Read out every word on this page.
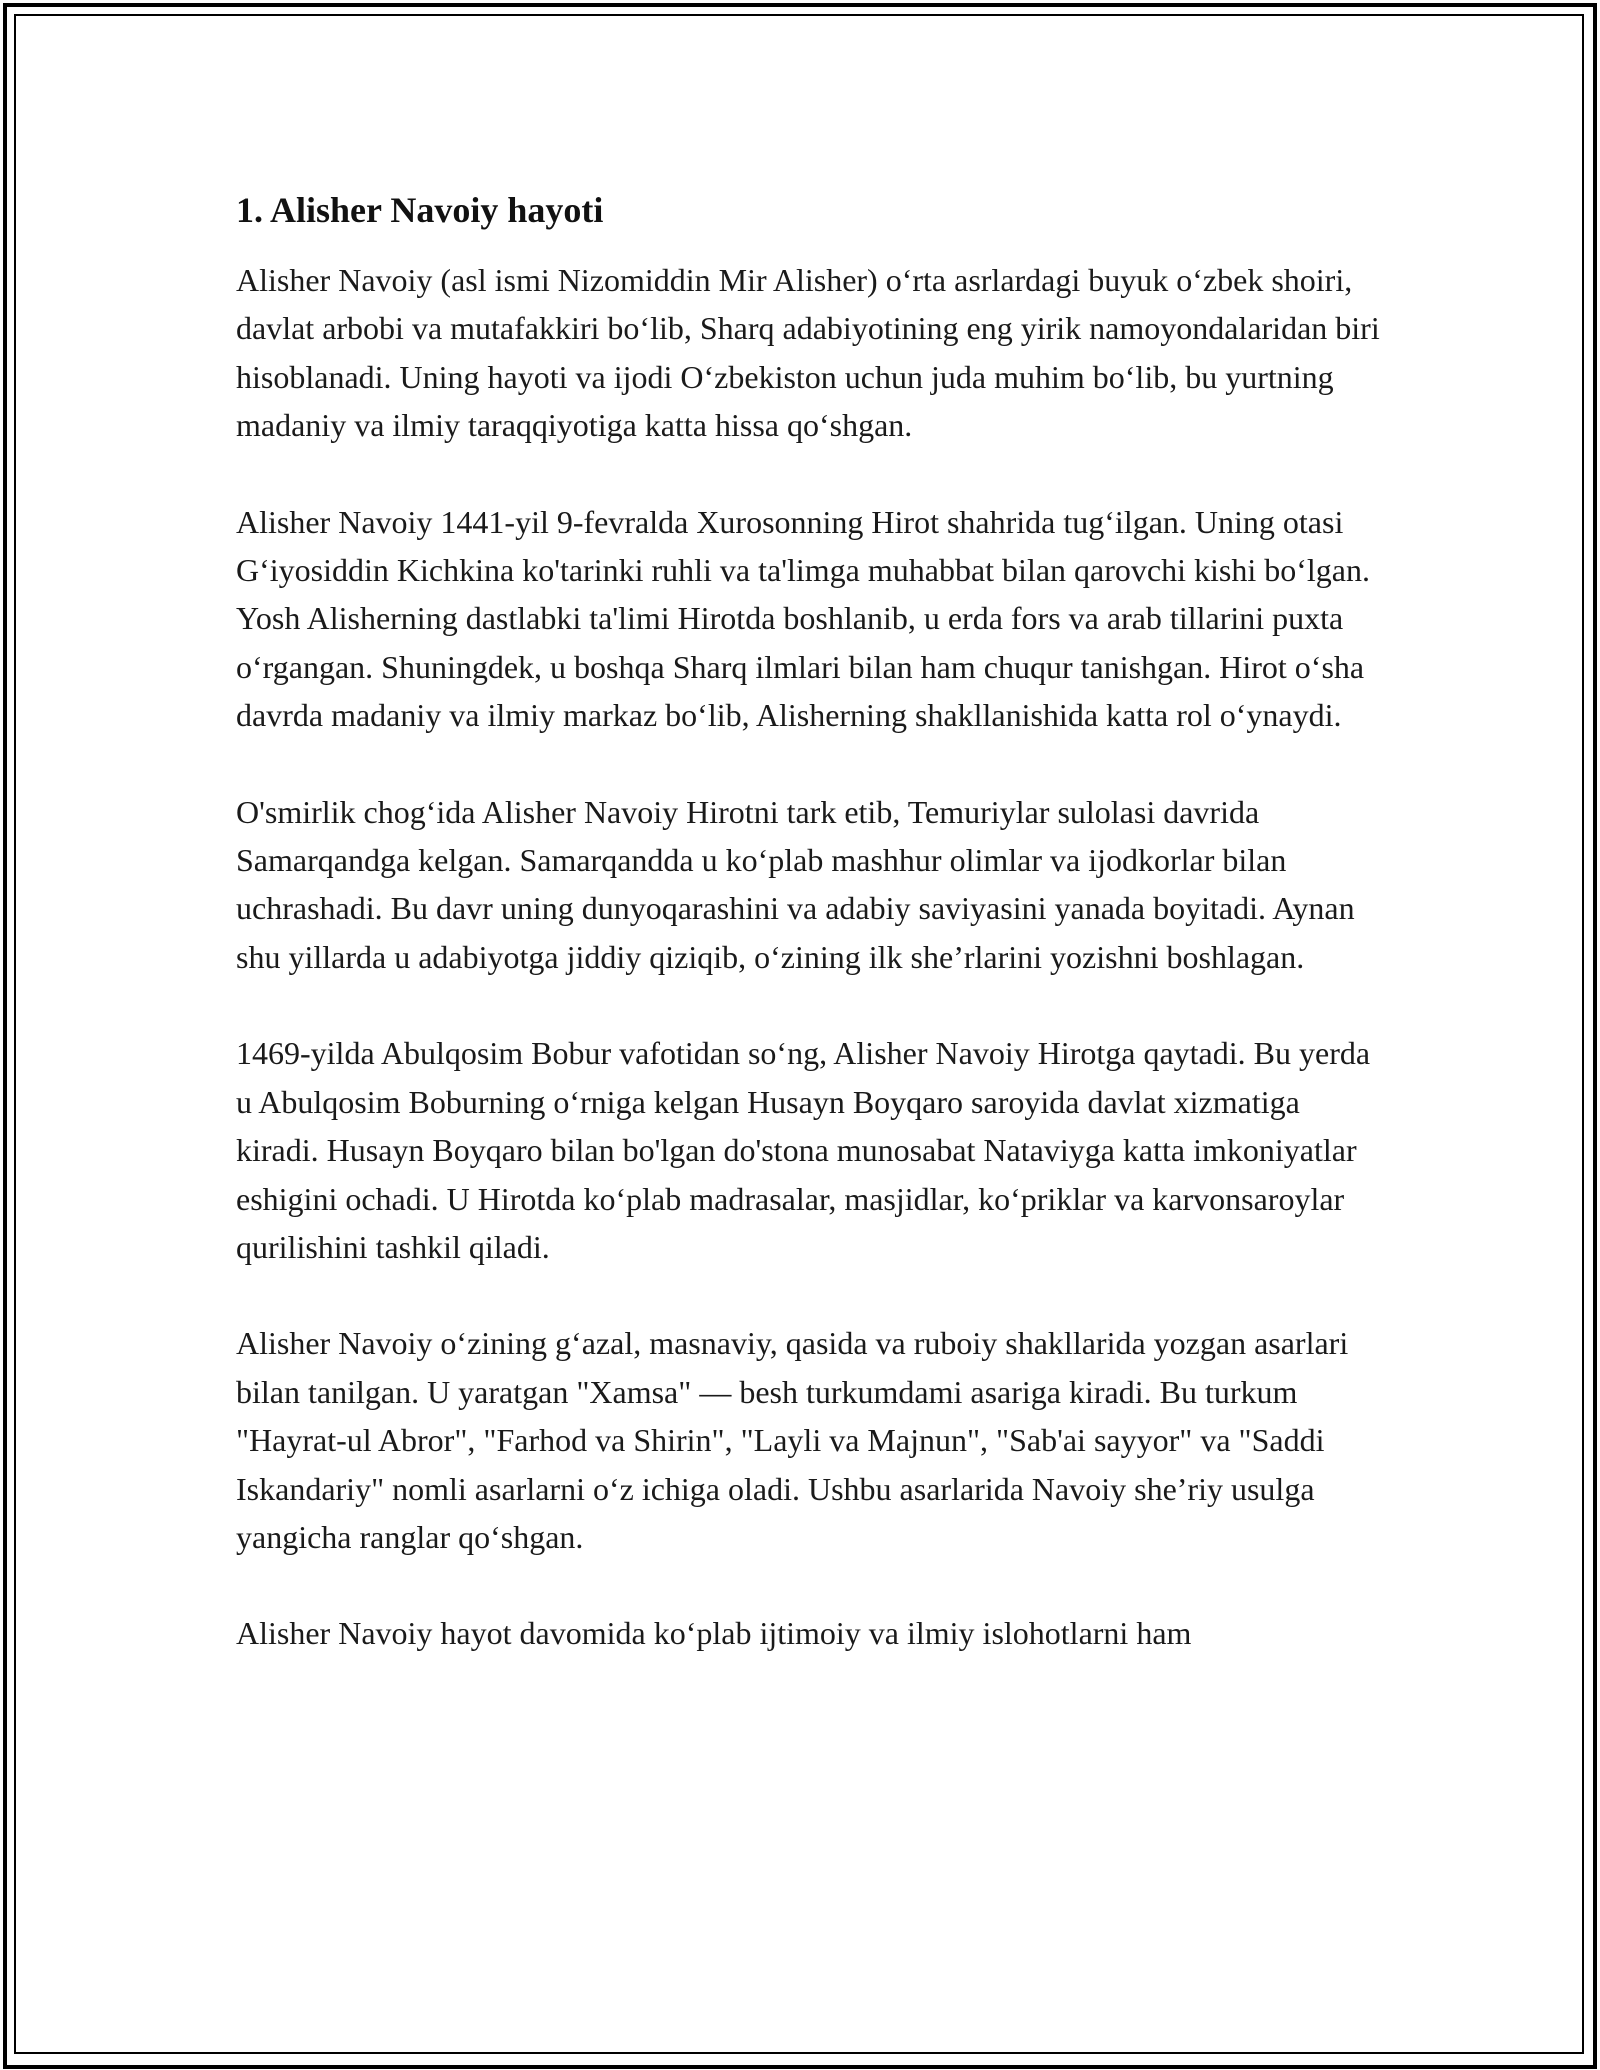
1. Alisher Navoiy hayoti

Alisher Navoiy (asl ismi Nizomiddin Mir Alisher) o‘rta asrlardagi buyuk o‘zbek shoiri, davlat arbobi va mutafakkiri bo‘lib, Sharq adabiyotining eng yirik namoyondalaridan biri hisoblanadi. Uning hayoti va ijodi O‘zbekiston uchun juda muhim bo‘lib, bu yurtning madaniy va ilmiy taraqqiyotiga katta hissa qo‘shgan.

Alisher Navoiy 1441-yil 9-fevralda Xurosonning Hirot shahrida tug‘ilgan. Uning otasi G‘iyosiddin Kichkina ko'tarinki ruhli va ta'limga muhabbat bilan qarovchi kishi bo‘lgan. Yosh Alisherning dastlabki ta'limi Hirotda boshlanib, u erda fors va arab tillarini puxta o‘rgangan. Shuningdek, u boshqa Sharq ilmlari bilan ham chuqur tanishgan. Hirot o‘sha davrda madaniy va ilmiy markaz bo‘lib, Alisherning shakllanishida katta rol o‘ynaydi.

O'smirlik chog‘ida Alisher Navoiy Hirotni tark etib, Temuriylar sulolasi davrida Samarqandga kelgan. Samarqandda u ko‘plab mashhur olimlar va ijodkorlar bilan uchrashadi. Bu davr uning dunyoqarashini va adabiy saviyasini yanada boyitadi. Aynan shu yillarda u adabiyotga jiddiy qiziqib, o‘zining ilk she’rlarini yozishni boshlagan.

1469-yilda Abulqosim Bobur vafotidan so‘ng, Alisher Navoiy Hirotga qaytadi. Bu yerda u Abulqosim Boburning o‘rniga kelgan Husayn Boyqaro saroyida davlat xizmatiga kiradi. Husayn Boyqaro bilan bo'lgan do'stona munosabat Nataviyga katta imkoniyatlar eshigini ochadi. U Hirotda ko‘plab madrasalar, masjidlar, ko‘priklar va karvonsaroylar qurilishini tashkil qiladi.

Alisher Navoiy o‘zining g‘azal, masnaviy, qasida va ruboiy shakllarida yozgan asarlari bilan tanilgan. U yaratgan "Xamsa" — besh turkumdami asariga kiradi. Bu turkum "Hayrat-ul Abror", "Farhod va Shirin", "Layli va Majnun", "Sab'ai sayyor" va "Saddi Iskandariy" nomli asarlarni o‘z ichiga oladi. Ushbu asarlarida Navoiy she’riy usulga yangicha ranglar qo‘shgan.

Alisher Navoiy hayot davomida ko‘plab ijtimoiy va ilmiy islohotlarni ham
